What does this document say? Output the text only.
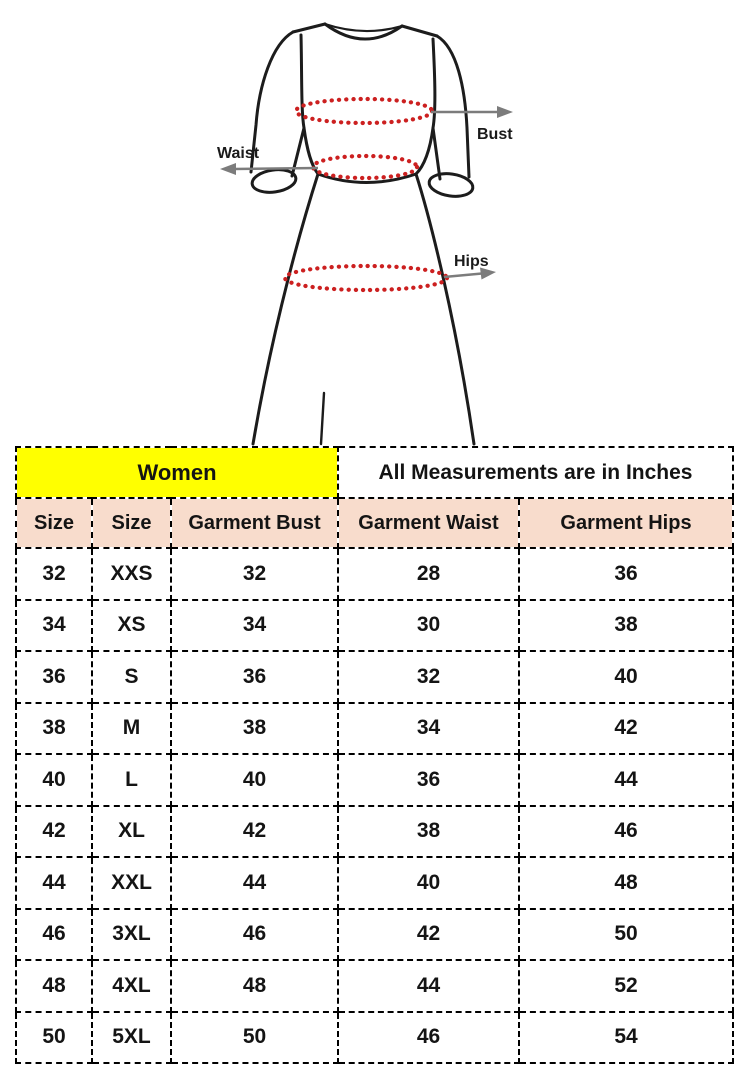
Bust
Waist
Hips
Women			All Measurements are in Inches	
Size	Size	Garment Bust	Garment Waist	Garment Hips
32	XXS	32	28	36
34	XS	34	30	38
36	S	36	32	40
38	M	38	34	42
40	L	40	36	44
42	XL	42	38	46
44	XXL	44	40	48
46	3XL	46	42	50
48	4XL	48	44	52
50	5XL	50	46	54
